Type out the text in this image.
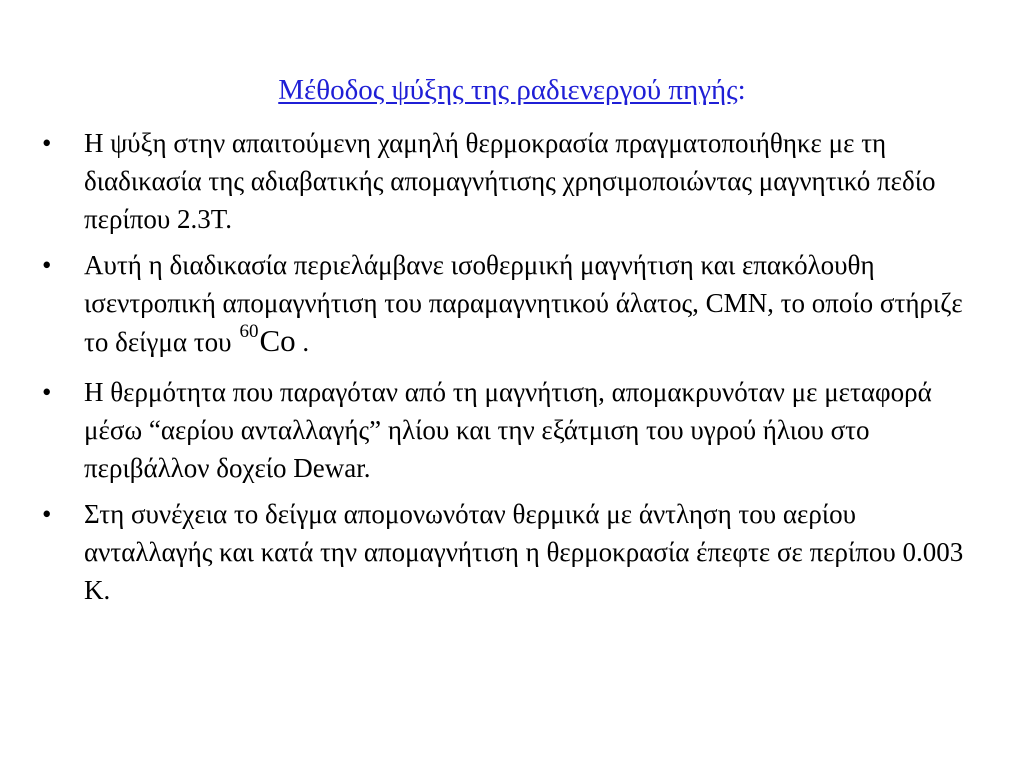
Μέθοδος ψύξης της ραδιενεργού πηγής:
• Η ψύξη στην απαιτούμενη χαμηλή θερμοκρασία πραγματοποιήθηκε με τη διαδικασία της αδιαβατικής απομαγνήτισης χρησιμοποιώντας μαγνητικό πεδίο περίπου 2.3Τ.
• Αυτή η διαδικασία περιελάμβανε ισοθερμική μαγνήτιση και επακόλουθη ισεντροπική απομαγνήτιση του παραμαγνητικού άλατος, CMN, το οποίο στήριζε το δείγμα του $^{60}$Co .
• Η θερμότητα που παραγόταν από τη μαγνήτιση, απομακρυνόταν με μεταφορά μέσω “αερίου ανταλλαγής” ηλίου και την εξάτμιση του υγρού ήλιου στο περιβάλλον δοχείο Dewar.
• Στη συνέχεια το δείγμα απομονωνόταν θερμικά με άντληση του αερίου ανταλλαγής και κατά την απομαγνήτιση η θερμοκρασία έπεφτε σε περίπου 0.003 Κ.
